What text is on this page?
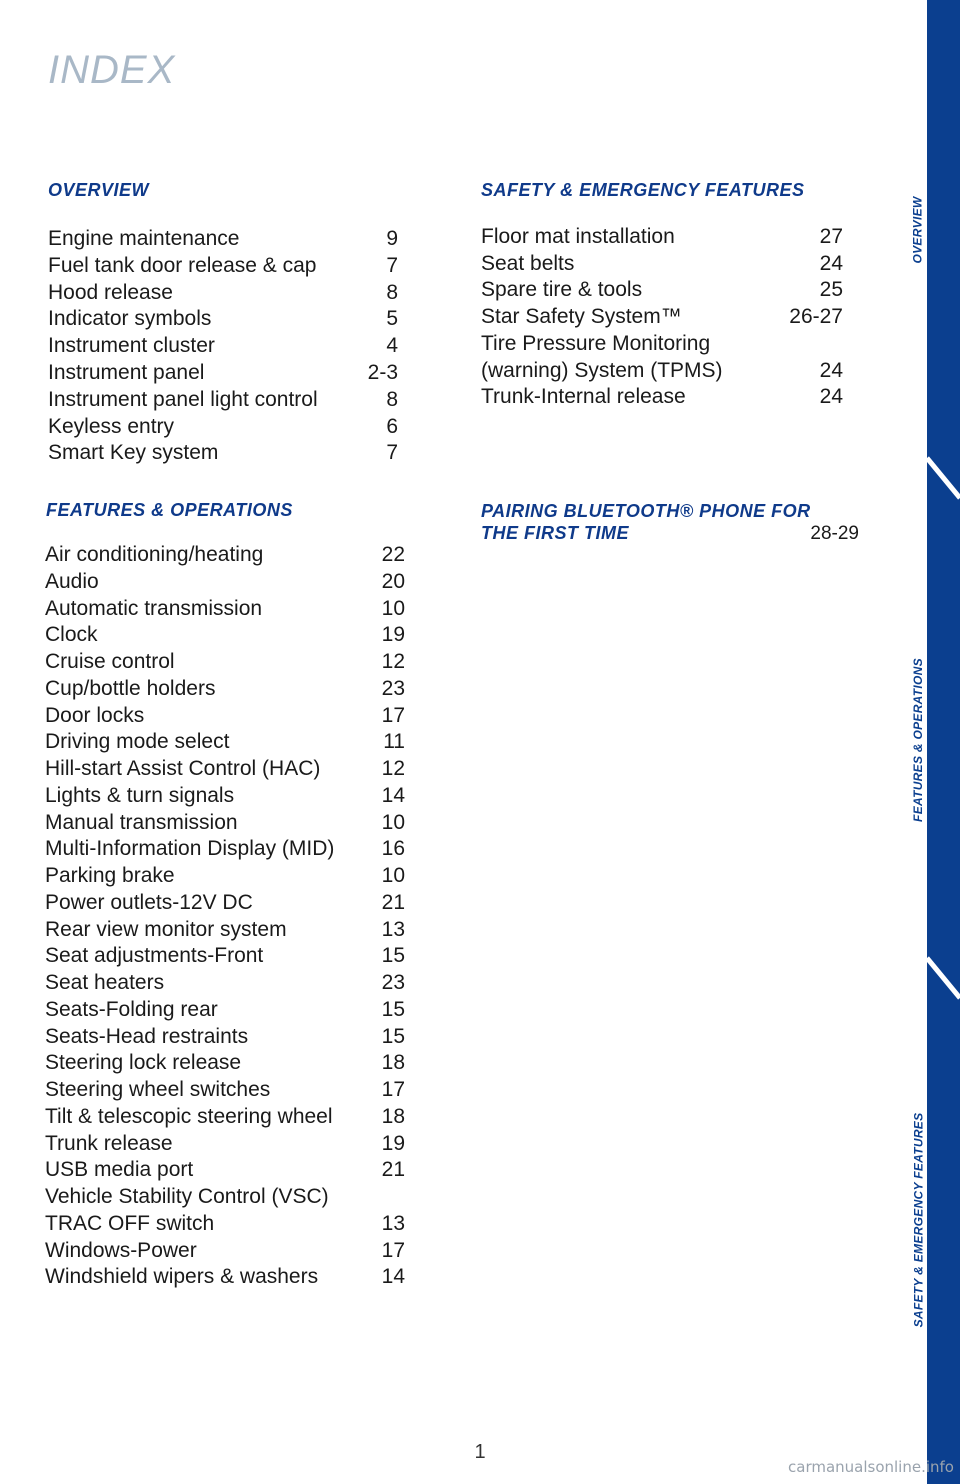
INDEX
OVERVIEW
Engine maintenance	9
Fuel tank door release & cap	7
Hood release	8
Indicator symbols	5
Instrument cluster	4
Instrument panel	2-3
Instrument panel light control	8
Keyless entry	6
Smart Key system	7
SAFETY & EMERGENCY FEATURES
Floor mat installation	27
Seat belts	24
Spare tire & tools	25
Star Safety System™	26-27
Tire Pressure Monitoring
(warning) System (TPMS)	24
Trunk-Internal release	24
FEATURES & OPERATIONS
Air conditioning/heating	22
Audio	20
Automatic transmission	10
Clock	19
Cruise control	12
Cup/bottle holders	23
Door locks	17
Driving mode select	11
Hill-start Assist Control (HAC)	12
Lights & turn signals	14
Manual transmission	10
Multi-Information Display (MID) 16
Parking brake	10
Power outlets-12V DC	21
Rear view monitor system	13
Seat adjustments-Front	15
Seat heaters	23
Seats-Folding rear	15
Seats-Head restraints	15
Steering lock release	18
Steering wheel switches	17
Tilt & telescopic steering wheel 18
Trunk release	19
USB media port	21
Vehicle Stability Control (VSC)
TRAC OFF switch	13
Windows-Power	17
Windshield wipers & washers	14
PAIRING BLUETOOTH® PHONE FOR
THE FIRST TIME	28-29
1
OVERVIEW
FEATURES & OPERATIONS
SAFETY & EMERGENCY FEATURES
carmanualsonline.info
